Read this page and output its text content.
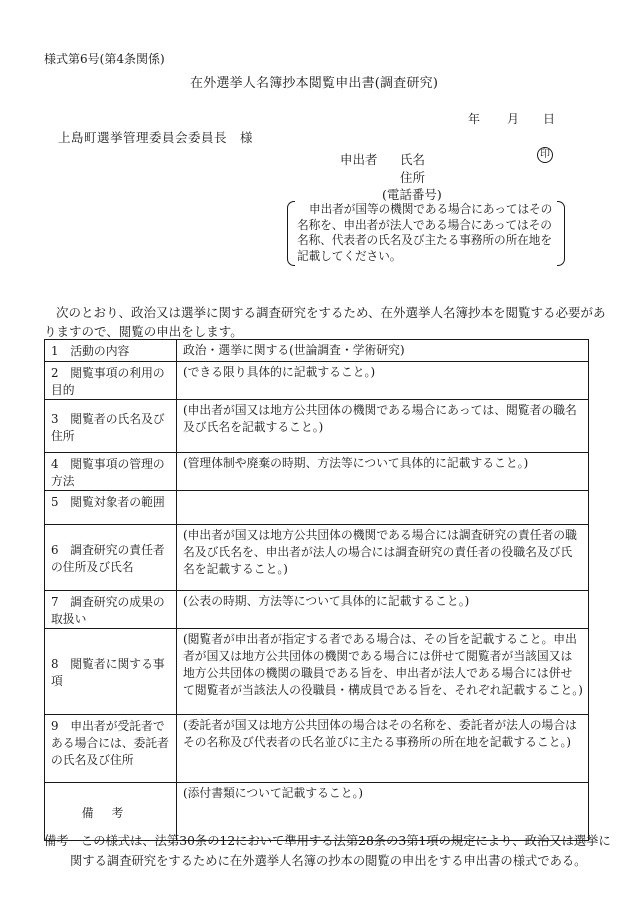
様式第6号(第4条関係)
在外選挙人名簿抄本閲覧申出書(調査研究)
年 月 日
上島町選挙管理委員会委員長　様
申出者 氏名	印
住所
(電話番号)
申出者が国等の機関である場合にあってはその
名称を、申出者が法人である場合にあってはその
名称、代表者の氏名及び主たる事務所の所在地を
記載してください。
次のとおり、政治又は選挙に関する調査研究をするため、在外選挙人名簿抄本を閲覧する必要があ
りますので、閲覧の申出をします。
1　活動の内容	政治・選挙に関する(世論調査・学術研究)

2　閲覧事項の利用の目的	(できる限り具体的に記載すること。)

3　閲覧者の氏名及び住所	(申出者が国又は地方公共団体の機関である場合にあっては、閲覧者の職名及び氏名を記載すること。)

4　閲覧事項の管理の方法	(管理体制や廃棄の時期、方法等について具体的に記載すること。)

5　閲覧対象者の範囲	

6　調査研究の責任者の住所及び氏名	(申出者が国又は地方公共団体の機関である場合には調査研究の責任者の職名及び氏名を、申出者が法人の場合には調査研究の責任者の役職名及び氏名を記載すること。)

7　調査研究の成果の取扱い	(公表の時期、方法等について具体的に記載すること。)

8　閲覧者に関する事項	(閲覧者が申出者が指定する者である場合は、その旨を記載すること。申出者が国又は地方公共団体の機関である場合には併せて閲覧者が当該国又は地方公共団体の機関の職員である旨を、申出者が法人である場合には併せて閲覧者が当該法人の役職員・構成員である旨を、それぞれ記載すること。)

9　申出者が受託者である場合には、委託者の氏名及び住所	(委託者が国又は地方公共団体の場合はその名称を、委託者が法人の場合はその名称及び代表者の氏名並びに主たる事務所の所在地を記載すること。)

備考	(添付書類について記載すること。)
備考　この様式は、法第30条の12において準用する法第28条の3第1項の規定により、政治又は選挙に
関する調査研究をするために在外選挙人名簿の抄本の閲覧の申出をする申出書の様式である。
